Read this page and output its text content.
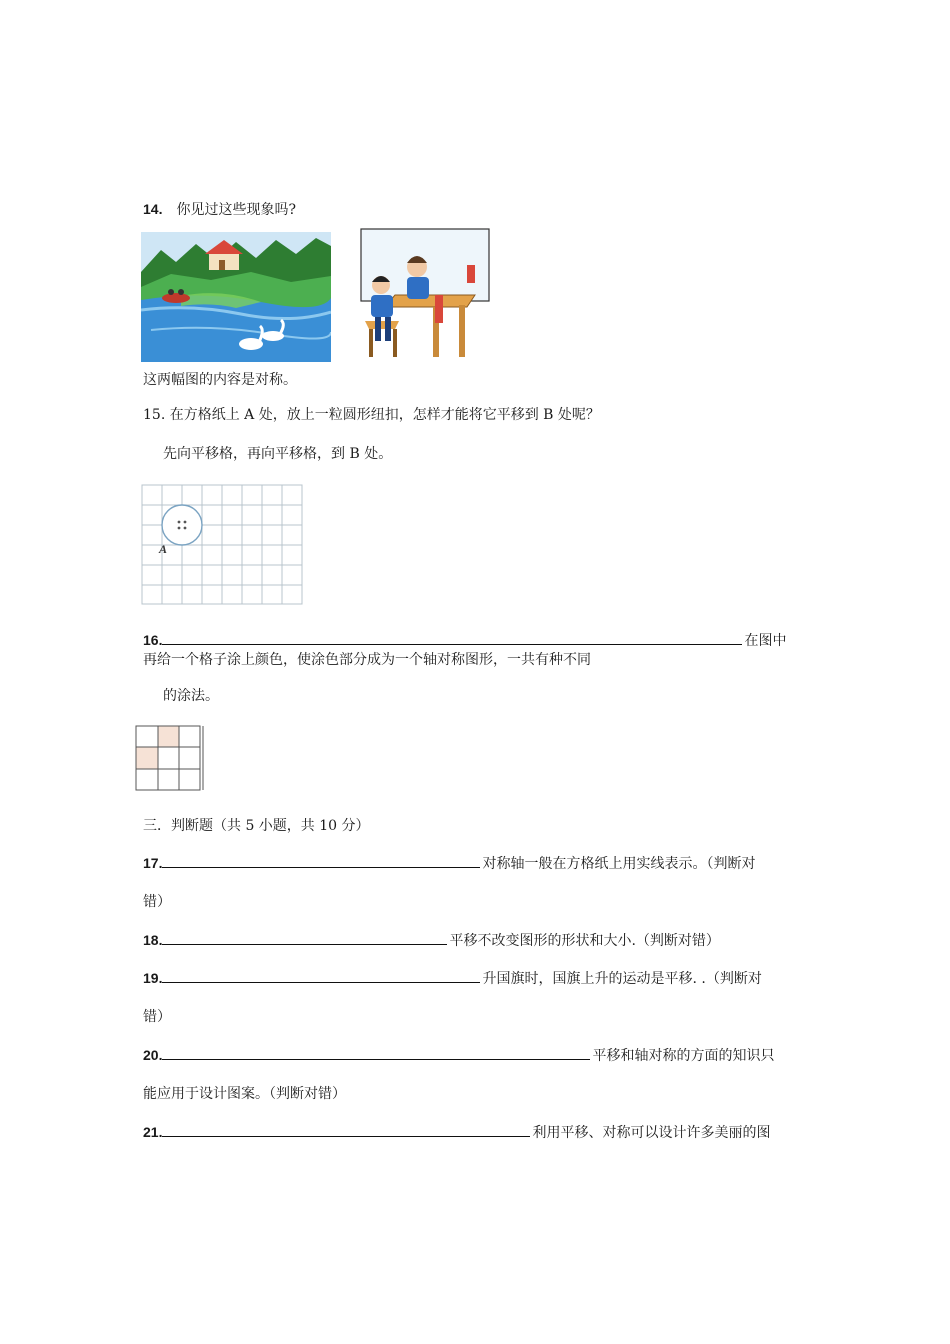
14. 你见过这些现象吗?
这两幅图的内容是对称。
15. 在方格纸上 A 处，放上一粒圆形纽扣，怎样才能将它平移到 B 处呢？
先向平移格，再向平移格，到 B 处。
A
16.	在图中
再给一个格子涂上颜色，使涂色部分成为一个轴对称图形，一共有种不同
的涂法。
三．判断题（共 5 小题，共 10 分）
17.	对称轴一般在方格纸上用实线表示。（判断对
错）
18.	平移不改变图形的形状和大小.（判断对错）
19.	升国旗时，国旗上升的运动是平移. .（判断对
错）
20.	平移和轴对称的方面的知识只
能应用于设计图案。（判断对错）
21.	利用平移、对称可以设计许多美丽的图
